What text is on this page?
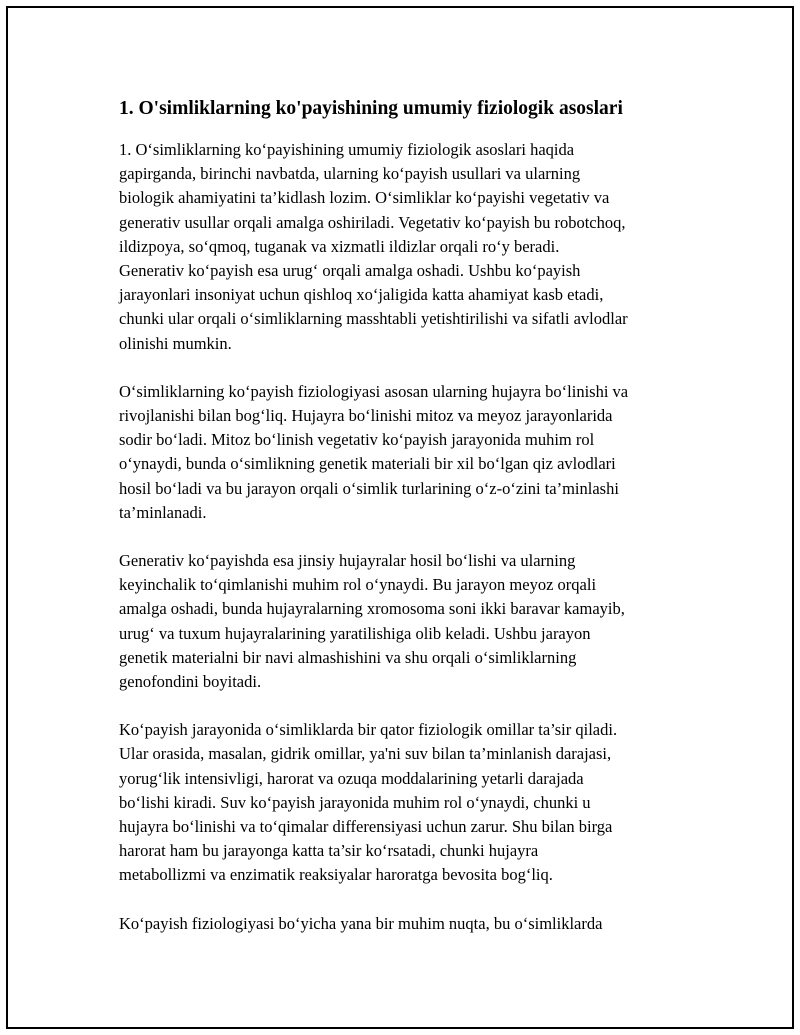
1. O'simliklarning ko'payishining umumiy fiziologik asoslari

1. O‘simliklarning ko‘payishining umumiy fiziologik asoslari haqida
gapirganda, birinchi navbatda, ularning ko‘payish usullari va ularning
biologik ahamiyatini ta’kidlash lozim. O‘simliklar ko‘payishi vegetativ va
generativ usullar orqali amalga oshiriladi. Vegetativ ko‘payish bu robotchoq,
ildizpoya, so‘qmoq, tuganak va xizmatli ildizlar orqali ro‘y beradi.
Generativ ko‘payish esa urug‘ orqali amalga oshadi. Ushbu ko‘payish
jarayonlari insoniyat uchun qishloq xo‘jaligida katta ahamiyat kasb etadi,
chunki ular orqali o‘simliklarning masshtabli yetishtirilishi va sifatli avlodlar
olinishi mumkin.

O‘simliklarning ko‘payish fiziologiyasi asosan ularning hujayra bo‘linishi va
rivojlanishi bilan bog‘liq. Hujayra bo‘linishi mitoz va meyoz jarayonlarida
sodir bo‘ladi. Mitoz bo‘linish vegetativ ko‘payish jarayonida muhim rol
o‘ynaydi, bunda o‘simlikning genetik materiali bir xil bo‘lgan qiz avlodlari
hosil bo‘ladi va bu jarayon orqali o‘simlik turlarining o‘z-o‘zini ta’minlashi
ta’minlanadi.

Generativ ko‘payishda esa jinsiy hujayralar hosil bo‘lishi va ularning
keyinchalik to‘qimlanishi muhim rol o‘ynaydi. Bu jarayon meyoz orqali
amalga oshadi, bunda hujayralarning xromosoma soni ikki baravar kamayib,
urug‘ va tuxum hujayralarining yaratilishiga olib keladi. Ushbu jarayon
genetik materialni bir navi almashishini va shu orqali o‘simliklarning
genofondini boyitadi.

Ko‘payish jarayonida o‘simliklarda bir qator fiziologik omillar ta’sir qiladi.
Ular orasida, masalan, gidrik omillar, ya'ni suv bilan ta’minlanish darajasi,
yorug‘lik intensivligi, harorat va ozuqa moddalarining yetarli darajada
bo‘lishi kiradi. Suv ko‘payish jarayonida muhim rol o‘ynaydi, chunki u
hujayra bo‘linishi va to‘qimalar differensiyasi uchun zarur. Shu bilan birga
harorat ham bu jarayonga katta ta’sir ko‘rsatadi, chunki hujayra
metabollizmi va enzimatik reaksiyalar haroratga bevosita bog‘liq.

Ko‘payish fiziologiyasi bo‘yicha yana bir muhim nuqta, bu o‘simliklarda
